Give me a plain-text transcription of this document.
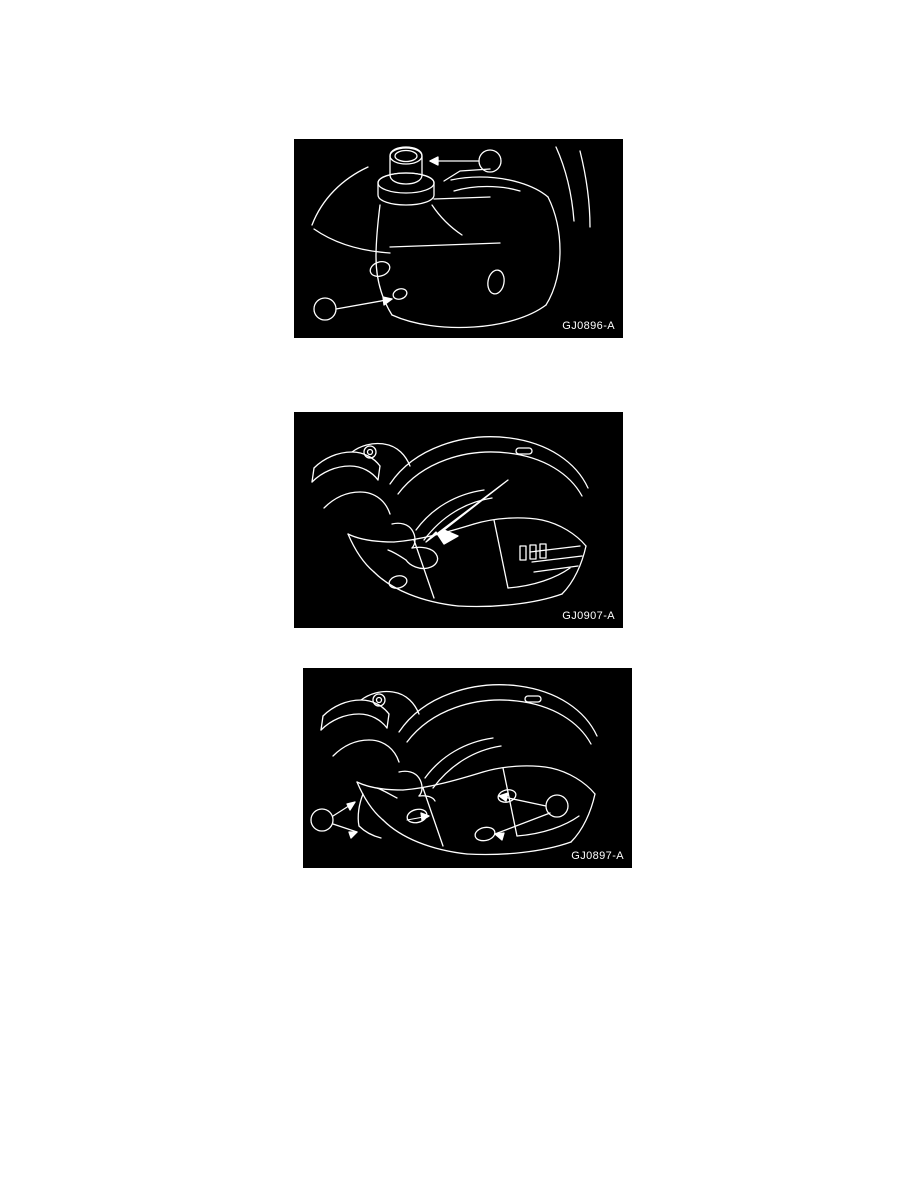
GJ0896-A
GJ0907-A
GJ0897-A
